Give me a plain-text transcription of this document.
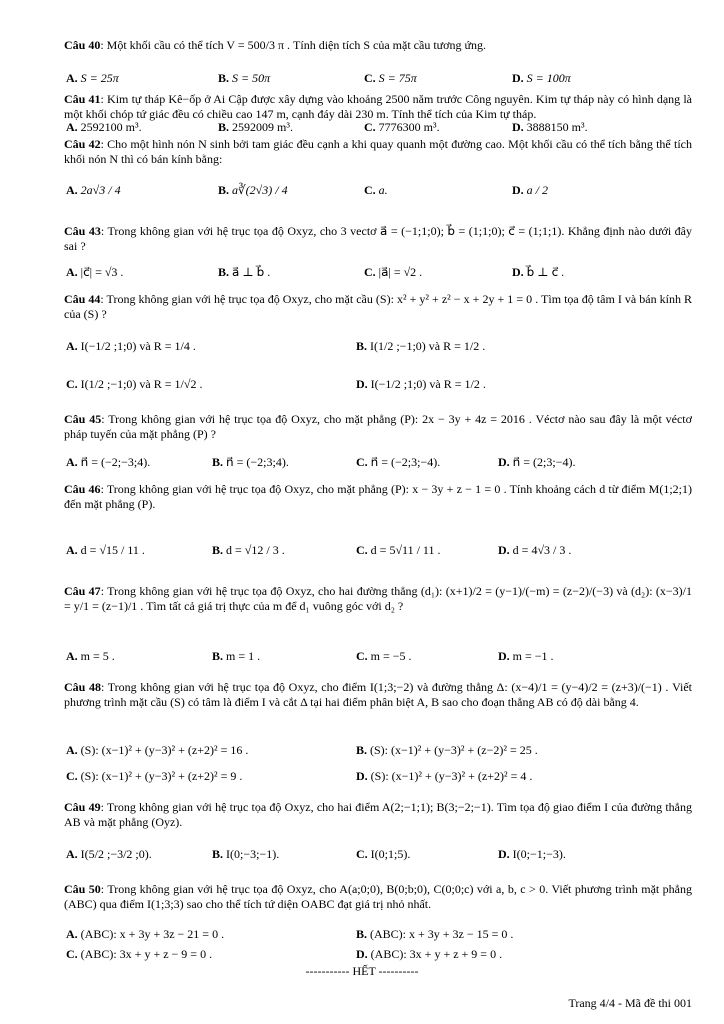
Câu 40: Một khối cầu có thể tích V = 500/3 π . Tính diện tích S của mặt cầu tương ứng.
A. S = 25π	B. S = 50π	C. S = 75π	D. S = 100π
Câu 41: Kim tự tháp Kê−ốp ở Ai Cập được xây dựng vào khoảng 2500 năm trước Công nguyên. Kim tự tháp này có hình dạng là một khối chóp tứ giác đều có chiều cao 147 m, cạnh đáy dài 230 m. Tính thể tích của Kim tự tháp.
A. 2592100 m³.	B. 2592009 m³.	C. 7776300 m³.	D. 3888150 m³.
Câu 42: Cho một hình nón N sinh bởi tam giác đều cạnh a khi quay quanh một đường cao. Một khối cầu có thể tích bằng thể tích khối nón N thì có bán kính bằng:
A. 2a√3 / 4	B. a∛(2√3) / 4	C. a.	D. a / 2
Câu 43: Trong không gian với hệ trục tọa độ Oxyz, cho 3 vectơ a⃗ = (−1;1;0); b⃗ = (1;1;0); c⃗ = (1;1;1). Khẳng định nào dưới đây sai ?
A. |c⃗| = √3 .	B. a⃗ ⊥ b⃗ .	C. |a⃗| = √2 .	D. b⃗ ⊥ c⃗ .
Câu 44: Trong không gian với hệ trục tọa độ Oxyz, cho mặt cầu (S): x² + y² + z² − x + 2y + 1 = 0 . Tìm tọa độ tâm I và bán kính R của (S) ?
A. I(−1/2 ;1;0) và R = 1/4 .	B. I(1/2 ;−1;0) và R = 1/2 .
C. I(1/2 ;−1;0) và R = 1/√2 .	D. I(−1/2 ;1;0) và R = 1/2 .
Câu 45: Trong không gian với hệ trục tọa độ Oxyz, cho mặt phẳng (P): 2x − 3y + 4z = 2016 . Véctơ nào sau đây là một véctơ pháp tuyến của mặt phẳng (P) ?
A. n⃗ = (−2;−3;4).	B. n⃗ = (−2;3;4).	C. n⃗ = (−2;3;−4).	D. n⃗ = (2;3;−4).
Câu 46: Trong không gian với hệ trục tọa độ Oxyz, cho mặt phẳng (P): x − 3y + z − 1 = 0 . Tính khoảng cách d từ điểm M(1;2;1) đến mặt phẳng (P).
A. d = √15 / 11 .	B. d = √12 / 3 .	C. d = 5√11 / 11 .	D. d = 4√3 / 3 .
Câu 47: Trong không gian với hệ trục tọa độ Oxyz, cho hai đường thẳng (d₁): (x+1)/2 = (y−1)/(−m) = (z−2)/(−3) và (d₂): (x−3)/1 = y/1 = (z−1)/1 . Tìm tất cả giá trị thực của m để d₁ vuông góc với d₂ ?
A. m = 5 .	B. m = 1 .	C. m = −5 .	D. m = −1 .
Câu 48: Trong không gian với hệ trục tọa độ Oxyz, cho điểm I(1;3;−2) và đường thẳng Δ: (x−4)/1 = (y−4)/2 = (z+3)/(−1) . Viết phương trình mặt cầu (S) có tâm là điểm I và cắt Δ tại hai điểm phân biệt A, B sao cho đoạn thẳng AB có độ dài bằng 4.
A. (S): (x−1)² + (y−3)² + (z+2)² = 16 .	B. (S): (x−1)² + (y−3)² + (z−2)² = 25 .
C. (S): (x−1)² + (y−3)² + (z+2)² = 9 .	D. (S): (x−1)² + (y−3)² + (z+2)² = 4 .
Câu 49: Trong không gian với hệ trục tọa độ Oxyz, cho hai điểm A(2;−1;1); B(3;−2;−1). Tìm tọa độ giao điểm I của đường thẳng AB và mặt phẳng (Oyz).
A. I(5/2 ;−3/2 ;0).	B. I(0;−3;−1).	C. I(0;1;5).	D. I(0;−1;−3).
Câu 50: Trong không gian với hệ trục tọa độ Oxyz, cho A(a;0;0), B(0;b;0), C(0;0;c) với a, b, c > 0. Viết phương trình mặt phẳng (ABC) qua điểm I(1;3;3) sao cho thể tích tứ diện OABC đạt giá trị nhỏ nhất.
A. (ABC): x + 3y + 3z − 21 = 0 .	B. (ABC): x + 3y + 3z − 15 = 0 .
C. (ABC): 3x + y + z − 9 = 0 .	D. (ABC): 3x + y + z + 9 = 0 .
----------- HẾT ----------
Trang 4/4 - Mã đề thi 001
